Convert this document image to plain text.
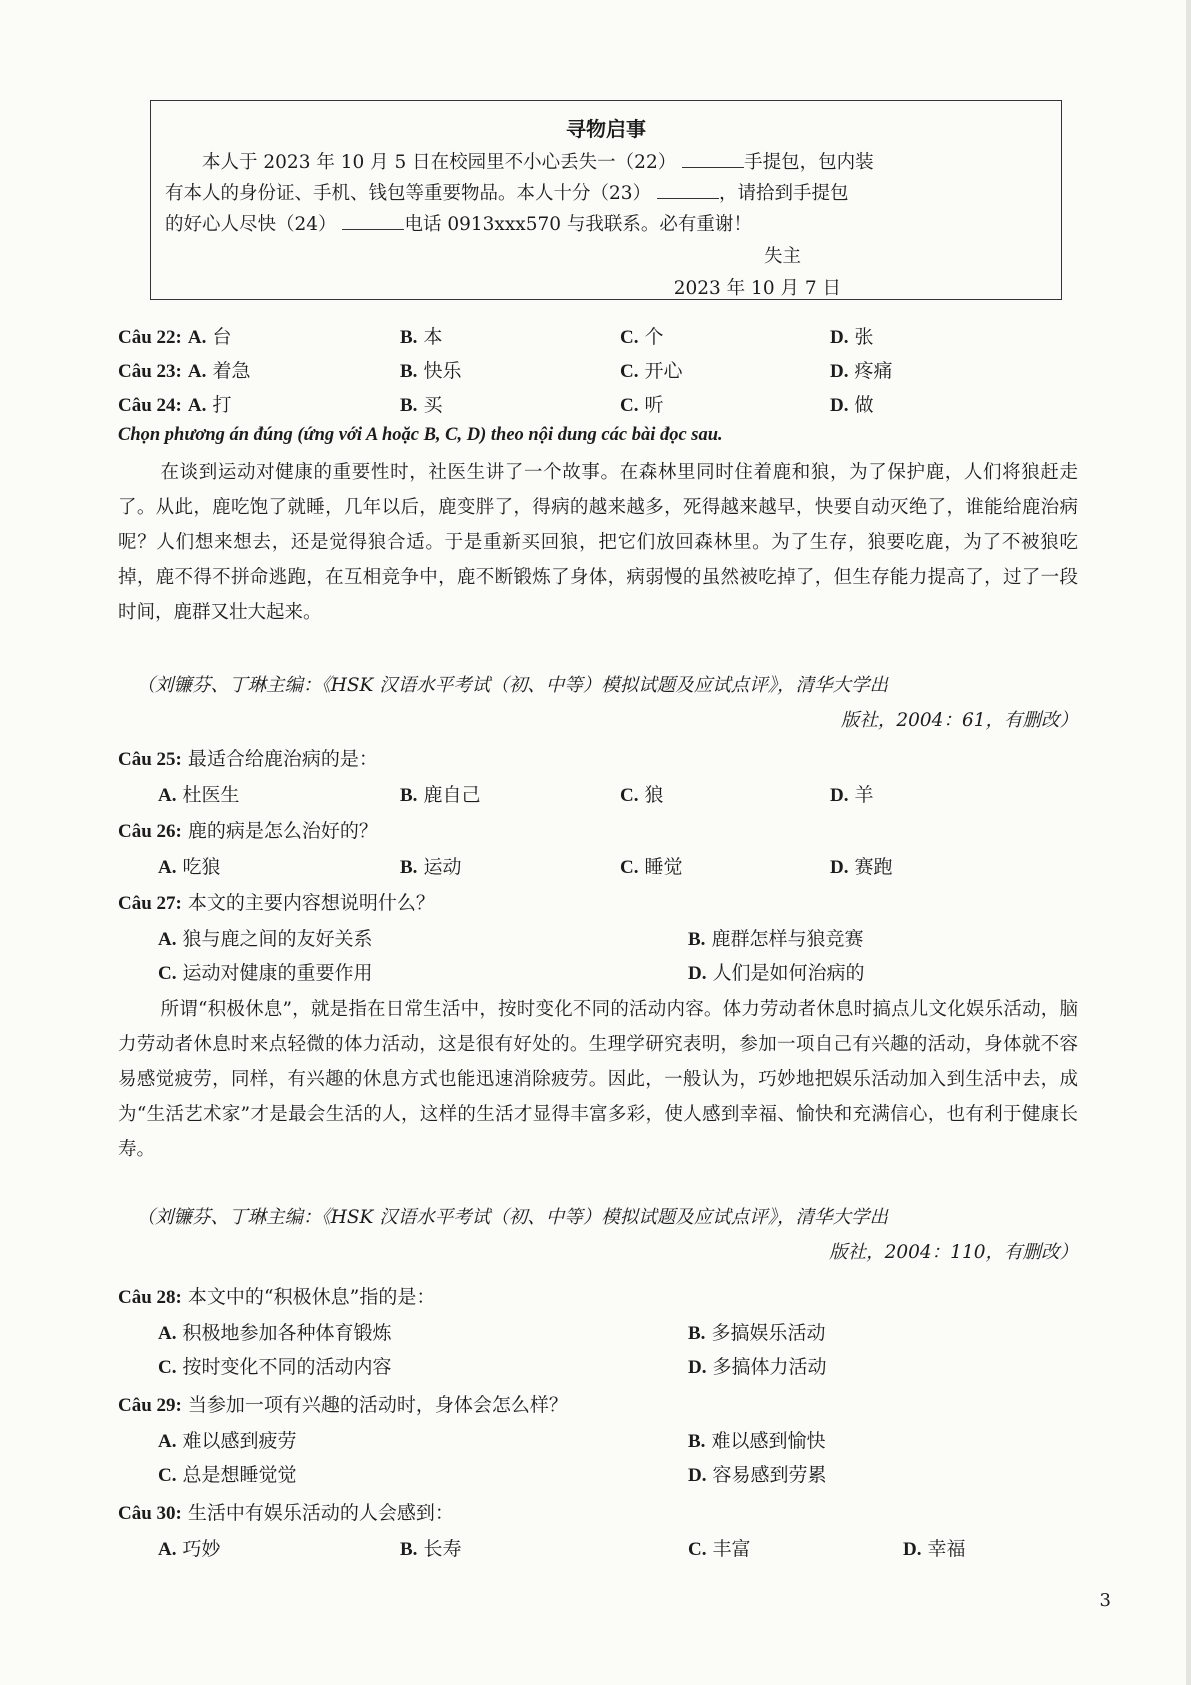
寻物启事

本人于 2023 年 10 月 5 日在校园里不小心丢失一（22）	手提包，包内装

有本人的身份证、手机、钱包等重要物品。本人十分（23）	，请拾到手提包

的好心人尽快（24）	电话 0913xxx570 与我联系。必有重谢！

失主
2023 年 10 月 7 日
Câu 22: A. 台	B. 本	C. 个	D. 张
Câu 23: A. 着急	B. 快乐	C. 开心	D. 疼痛
Câu 24: A. 打	B. 买	C. 听	D. 做
Chọn phương án đúng (ứng với A hoặc B, C, D) theo nội dung các bài đọc sau.

在谈到运动对健康的重要性时，社医生讲了一个故事。在森林里同时住着鹿和狼，为了保护鹿，人们将狼赶走了。从此，鹿吃饱了就睡，几年以后，鹿变胖了，得病的越来越多，死得越来越早，快要自动灭绝了，谁能给鹿治病呢？人们想来想去，还是觉得狼合适。于是重新买回狼，把它们放回森林里。为了生存，狼要吃鹿，为了不被狼吃掉，鹿不得不拼命逃跑，在互相竞争中，鹿不断锻炼了身体，病弱慢的虽然被吃掉了，但生存能力提高了，过了一段时间，鹿群又壮大起来。

（刘镰芬、丁琳主编：《HSK 汉语水平考试（初、中等）模拟试题及应试点评》，清华大学出
版社，2004：61，有删改）
Câu 25: 最适合给鹿治病的是：
A. 杜医生	B. 鹿自己	C. 狼	D. 羊
Câu 26: 鹿的病是怎么治好的？
A. 吃狼	B. 运动	C. 睡觉	D. 赛跑
Câu 27: 本文的主要内容想说明什么？
A. 狼与鹿之间的友好关系	B. 鹿群怎样与狼竞赛
C. 运动对健康的重要作用	D. 人们是如何治病的

所谓“积极休息”，就是指在日常生活中，按时变化不同的活动内容。体力劳动者休息时搞点儿文化娱乐活动，脑力劳动者休息时来点轻微的体力活动，这是很有好处的。生理学研究表明，参加一项自己有兴趣的活动，身体就不容易感觉疲劳，同样，有兴趣的休息方式也能迅速消除疲劳。因此，一般认为，巧妙地把娱乐活动加入到生活中去，成为“生活艺术家”才是最会生活的人，这样的生活才显得丰富多彩，使人感到幸福、愉快和充满信心，也有利于健康长寿。

（刘镰芬、丁琳主编：《HSK 汉语水平考试（初、中等）模拟试题及应试点评》，清华大学出
版社，2004：110，有删改）
Câu 28: 本文中的“积极休息”指的是：
A. 积极地参加各种体育锻炼	B. 多搞娱乐活动
C. 按时变化不同的活动内容	D. 多搞体力活动
Câu 29: 当参加一项有兴趣的活动时，身体会怎么样？
A. 难以感到疲劳	B. 难以感到愉快
C. 总是想睡觉觉	D. 容易感到劳累
Câu 30: 生活中有娱乐活动的人会感到：
A. 巧妙	B. 长寿	C. 丰富	D. 幸福
3
